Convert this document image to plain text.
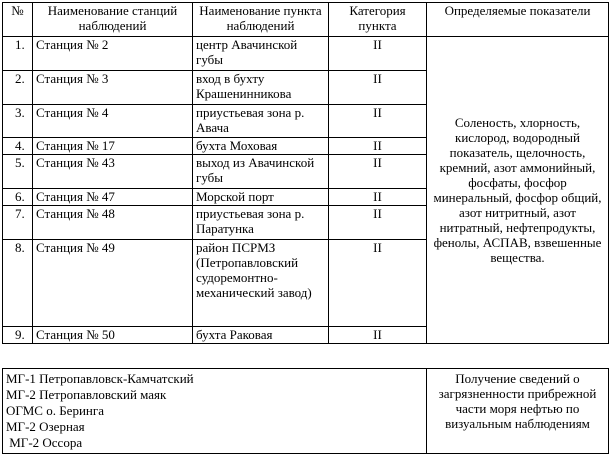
№	Наименование станций наблюдений	Наименование пункта наблюдений	Категория пункта	Определяемые показатели
1.	Станция № 2	центр Авачинской губы	II	Соленость, хлорность, кислород, водородный показатель, щелочность, кремний, азот аммонийный, фосфаты, фосфор минеральный, фосфор общий, азот нитритный, азот нитратный, нефтепродукты, фенолы, АСПАВ, взвешенные вещества.
2.	Станция № 3	вход в бухту Крашенинникова	II	
3.	Станция № 4	приустьевая зона р. Авача	II	
4.	Станция № 17	бухта Моховая	II	
5.	Станция № 43	выход из Авачинской губы	II	
6.	Станция № 47	Морской порт	II	
7.	Станция № 48	приустьевая зона р. Паратунка	II	
8.	Станция № 49	район ПСРМЗ (Петропавловский судоремонтно-механический завод)	II	
9.	Станция № 50	бухта Раковая	II	
МГ-1 Петропавловск-Камчатский
МГ-2 Петропавловский маяк
ОГМС о. Беринга
МГ-2 Озерная
МГ-2 Оссора
	Получение сведений о загрязненности прибрежной части моря нефтью по визуальным наблюдениям
